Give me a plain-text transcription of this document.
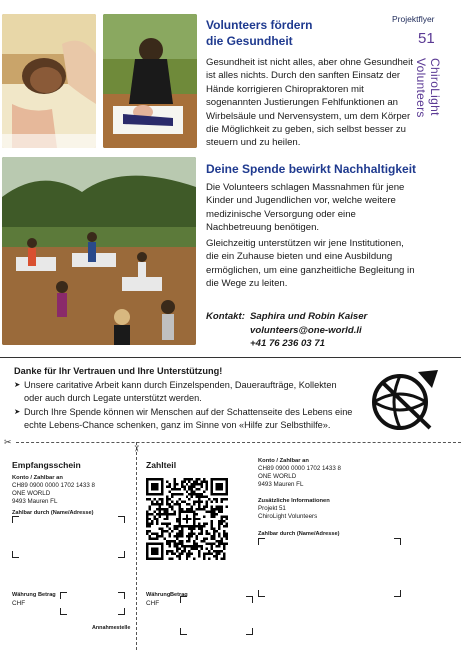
Projektflyer
51
ChiroLight Volunteers
Volunteers fördern
die Gesundheit
Gesundheit ist nicht alles, aber ohne Gesundheit ist alles nichts. Durch den sanften Einsatz der Hände korrigieren Chiropraktoren mit sogenannten Justierungen Fehlfunktionen an Wirbelsäule und Nervensystem, um dem Körper die Möglichkeit zu geben, sich selbst besser zu steuern und zu heilen.
Deine Spende bewirkt Nachhaltigkeit
Die Volunteers schlagen Massnahmen für jene Kinder und Jugendlichen vor, welche weitere medizinische Versorgung oder eine Nachbetreuung benötigen.
Gleichzeitig unterstützen wir jene Institutionen, die ein Zuhause bieten und eine Ausbildung ermöglichen, um eine ganzheitliche Begleitung in die Wege zu leiten.
Kontakt: Saphira und Robin Kaiser
volunteers@one-world.li
+41 76 236 03 71
Danke für Ihr Vertrauen und Ihre Unterstützung!
➤ Unsere caritative Arbeit kann durch Einzelspenden, Daueraufträge, Kollekten oder auch durch Legate unterstützt werden.
➤ Durch Ihre Spende können wir Menschen auf der Schattenseite des Lebens eine echte Lebens-Chance schenken, ganz im Sinne von «Hilfe zur Selbsthilfe».
✂
✂
Empfangsschein
Konto / Zahlbar an
CH89 0900 0000 1702 1433 8
ONE WORLD
9493 Mauren FL
Zahlbar durch (Name/Adresse)
Währung Betrag
CHF
Annahmestelle
Zahlteil
Währung Betrag
CHF
Konto / Zahlbar an
CH89 0900 0000 1702 1433 8
ONE WORLD
9493 Mauren FL
Zusätzliche Informationen
Projekt 51
ChiroLight Volunteers
Zahlbar durch (Name/Adresse)
